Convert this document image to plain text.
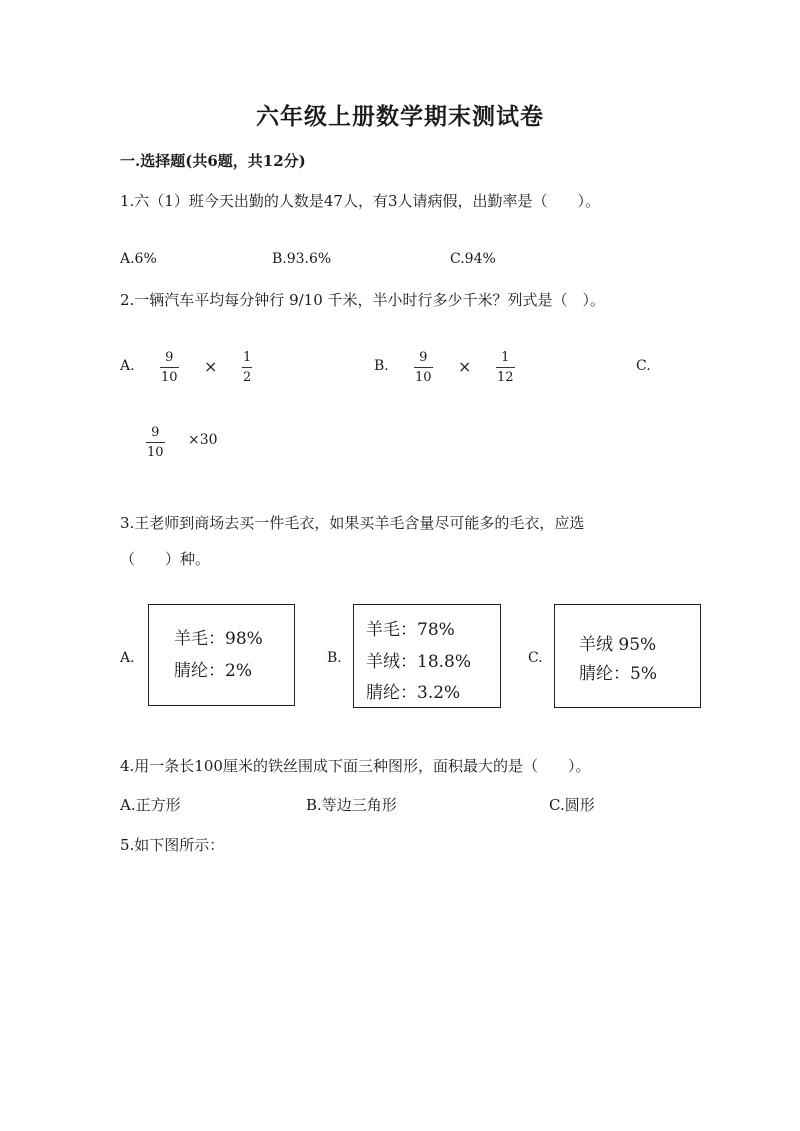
六年级上册数学期末测试卷
一.选择题(共6题，共12分)
1.六（1）班今天出勤的人数是47人，有3人请病假，出勤率是（　　）。
A.6%	B.93.6%	C.94%
2.一辆汽车平均每分钟行 9/10 千米，半小时行多少千米？列式是（　）。
A.
9
10
× 1
2
B.
9
10
× 1
12
C.
9
10
×30
3.王老师到商场去买一件毛衣，如果买羊毛含量尽可能多的毛衣，应选
（　　）种。
A.
羊毛：98%
腈纶：2%
B.
羊毛：78%
羊绒：18.8%
腈纶：3.2%
C.
羊绒 95%
腈纶：5%
4.用一条长100厘米的铁丝围成下面三种图形，面积最大的是（　　）。
A.正方形	B.等边三角形	C.圆形
5.如下图所示：
